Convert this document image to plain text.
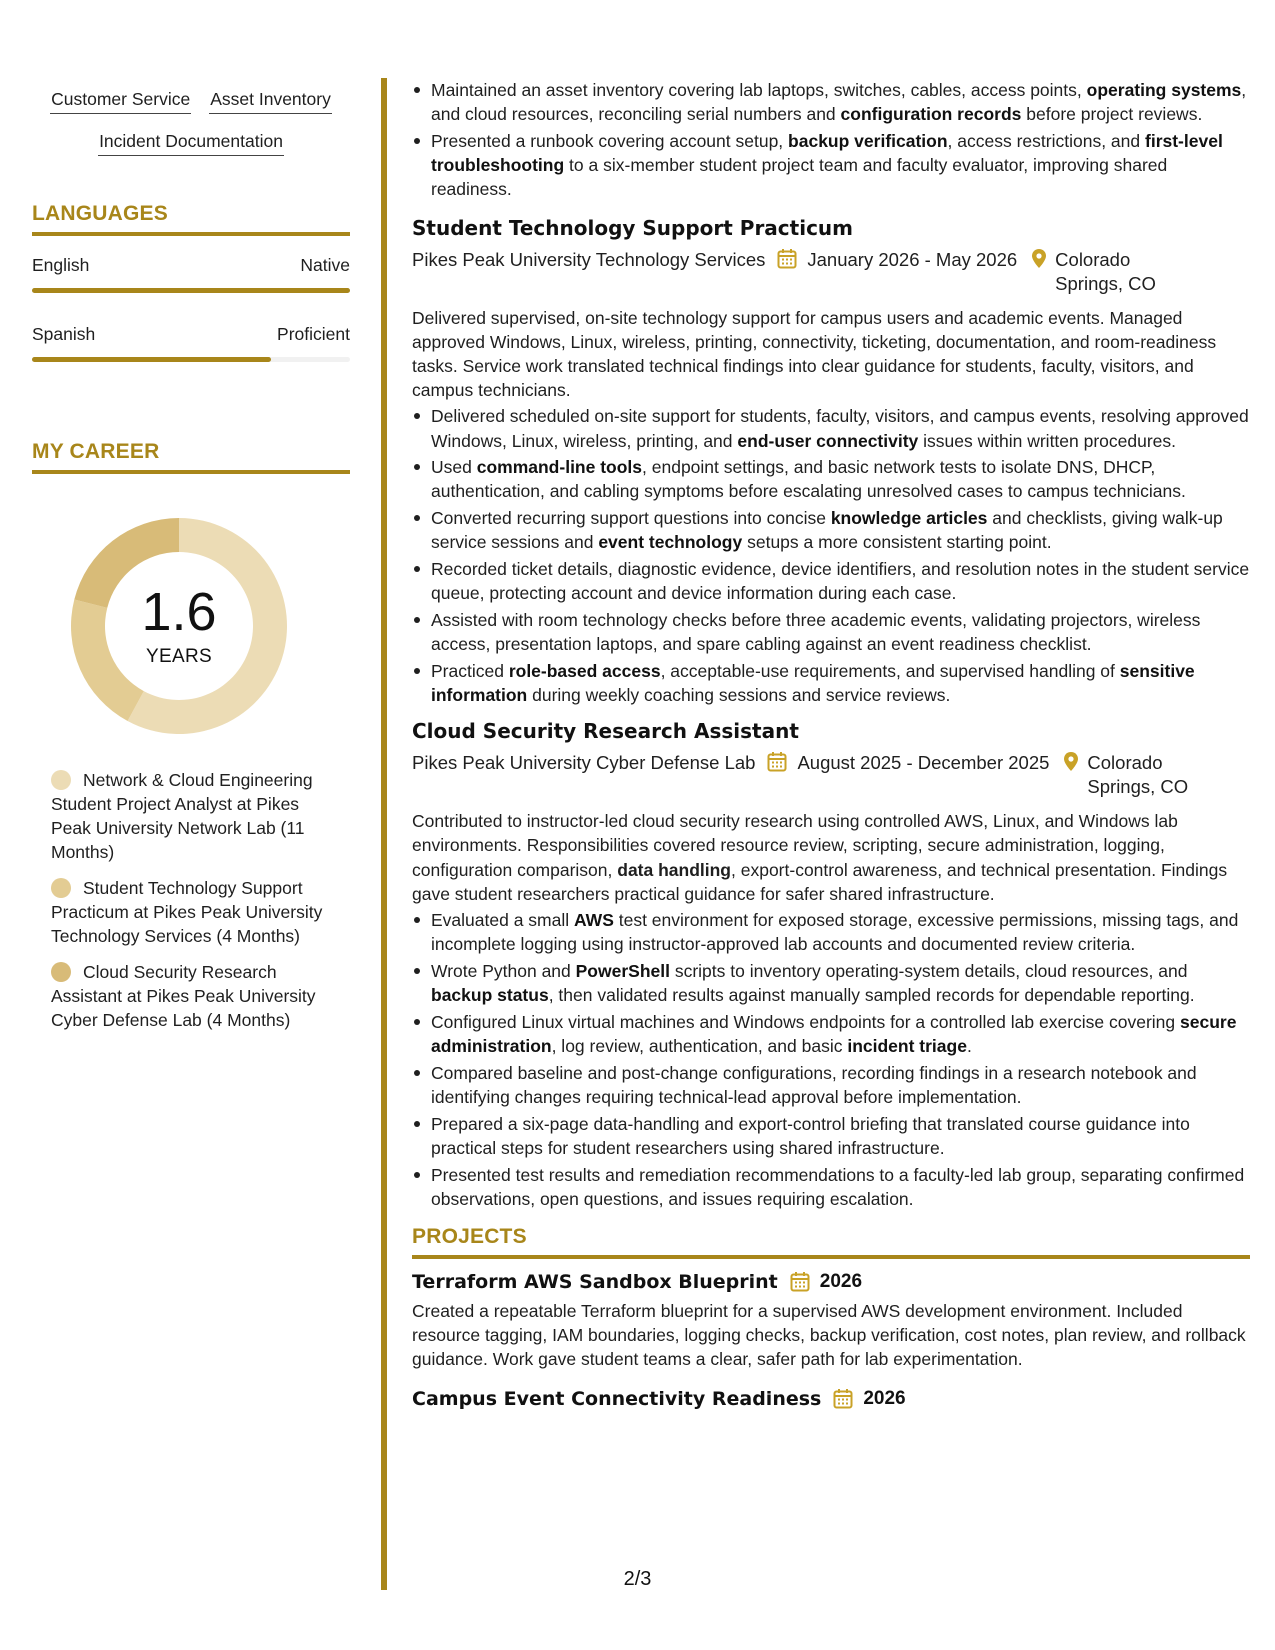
Customer Service Asset Inventory
Incident Documentation
LANGUAGES
English	Native
Spanish	Proficient
MY CAREER
1.6
YEARS
Network & Cloud Engineering Student Project Analyst at Pikes Peak University Network Lab (11 Months)
Student Technology Support Practicum at Pikes Peak University Technology Services (4 Months)
Cloud Security Research Assistant at Pikes Peak University Cyber Defense Lab (4 Months)
Maintained an asset inventory covering lab laptops, switches, cables, access points, operating systems, and cloud resources, reconciling serial numbers and configuration records before project reviews.
Presented a runbook covering account setup, backup verification, access restrictions, and first-level troubleshooting to a six-member student project team and faculty evaluator, improving shared readiness.
Student Technology Support Practicum
Pikes Peak University Technology Services January 2026 - May 2026 Colorado Springs, CO
Delivered supervised, on-site technology support for campus users and academic events. Managed approved Windows, Linux, wireless, printing, connectivity, ticketing, documentation, and room-readiness tasks. Service work translated technical findings into clear guidance for students, faculty, visitors, and campus technicians.
Delivered scheduled on-site support for students, faculty, visitors, and campus events, resolving approved Windows, Linux, wireless, printing, and end-user connectivity issues within written procedures.
Used command-line tools, endpoint settings, and basic network tests to isolate DNS, DHCP, authentication, and cabling symptoms before escalating unresolved cases to campus technicians.
Converted recurring support questions into concise knowledge articles and checklists, giving walk-up service sessions and event technology setups a more consistent starting point.
Recorded ticket details, diagnostic evidence, device identifiers, and resolution notes in the student service queue, protecting account and device information during each case.
Assisted with room technology checks before three academic events, validating projectors, wireless access, presentation laptops, and spare cabling against an event readiness checklist.
Practiced role-based access, acceptable-use requirements, and supervised handling of sensitive information during weekly coaching sessions and service reviews.
Cloud Security Research Assistant
Pikes Peak University Cyber Defense Lab August 2025 - December 2025 Colorado Springs, CO
Contributed to instructor-led cloud security research using controlled AWS, Linux, and Windows lab environments. Responsibilities covered resource review, scripting, secure administration, logging, configuration comparison, data handling, export-control awareness, and technical presentation. Findings gave student researchers practical guidance for safer shared infrastructure.
Evaluated a small AWS test environment for exposed storage, excessive permissions, missing tags, and incomplete logging using instructor-approved lab accounts and documented review criteria.
Wrote Python and PowerShell scripts to inventory operating-system details, cloud resources, and backup status, then validated results against manually sampled records for dependable reporting.
Configured Linux virtual machines and Windows endpoints for a controlled lab exercise covering secure administration, log review, authentication, and basic incident triage.
Compared baseline and post-change configurations, recording findings in a research notebook and identifying changes requiring technical-lead approval before implementation.
Prepared a six-page data-handling and export-control briefing that translated course guidance into practical steps for student researchers using shared infrastructure.
Presented test results and remediation recommendations to a faculty-led lab group, separating confirmed observations, open questions, and issues requiring escalation.
PROJECTS
Terraform AWS Sandbox Blueprint 2026
Created a repeatable Terraform blueprint for a supervised AWS development environment. Included resource tagging, IAM boundaries, logging checks, backup verification, cost notes, plan review, and rollback guidance. Work gave student teams a clear, safer path for lab experimentation.
Campus Event Connectivity Readiness 2026
2/3
